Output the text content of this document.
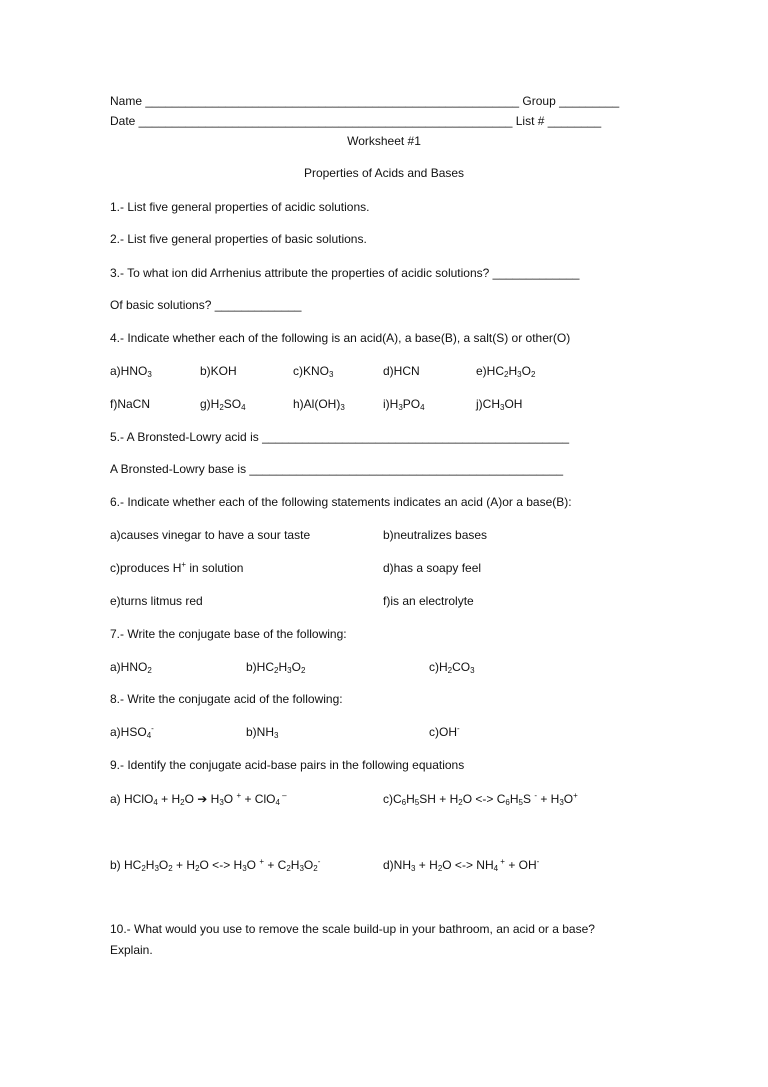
Name ________________________________________________________ Group _________
Date ________________________________________________________ List # ________
Worksheet #1
Properties of Acids and Bases
1.- List five general properties of acidic solutions.
2.- List five general properties of basic solutions.
3.- To what ion did Arrhenius attribute the properties of acidic solutions? _____________
Of basic solutions? _____________
4.- Indicate whether each of the following is an acid(A), a base(B), a salt(S) or other(O)
$a)HNO_3$	b)KOH	$c)KNO_3$	d)HCN	$e)HC_2H_3O_2$
f)NaCN	$g)H_2SO_4$	$h)Al(OH)_3$	$i)H_3PO_4$	$j)CH_3OH$
5.- A Bronsted-Lowry acid is ______________________________________________
A Bronsted-Lowry base is _______________________________________________
6.- Indicate whether each of the following statements indicates an acid (A)or a base(B):
a)causes vinegar to have a sour taste	b)neutralizes bases
c)produces H+ in solution	d)has a soapy feel
e)turns litmus red	f)is an electrolyte
7.- Write the conjugate base of the following:
$a)HNO_2$	$b)HC_2H_3O_2$	$c)H_2CO_3$
8.- Write the conjugate acid of the following:
$a)HSO_4^-$	$b)NH_3$	c)OH-
9.- Identify the conjugate acid-base pairs in the following equations
a) HClO$_4$ + $H_2O$ ➔ $H_3O$ + + ClO$_4$ –	$c)C_6H_5SH + H_2O$ <-> $C_6H_5S$ $^- + H_3O^+$
b) $HC_2H_3O_2 + H_2O$ <-> $H_3O$ $^+ + C_2H_3O_2^-$	$d)NH_3 + H_2O$ <-> $NH_4$ + + OH-
10.- What would you use to remove the scale build-up in your bathroom, an acid or a base?
Explain.
